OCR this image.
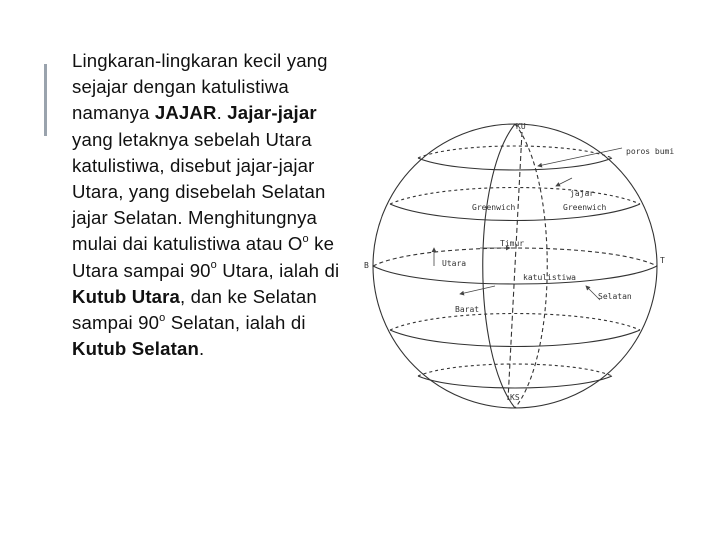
Lingkaran-lingkaran kecil yang sejajar dengan katulistiwa namanya JAJAR. Jajar-jajar yang letaknya sebelah Utara katulistiwa, disebut jajar-jajar Utara, yang disebelah Selatan jajar Selatan. Menghitungnya mulai dai katulistiwa atau $O^o$ ke Utara sampai 90$^o$ Utara, ialah di Kutub Utara, dan ke Selatan sampai 90$^o$ Selatan, ialah di Kutub Selatan.
KU
poros bumi
jajar
Greenwich	Greenwich
Timur
Utara
katulistiwa
Selatan
Barat
B
T
KS
